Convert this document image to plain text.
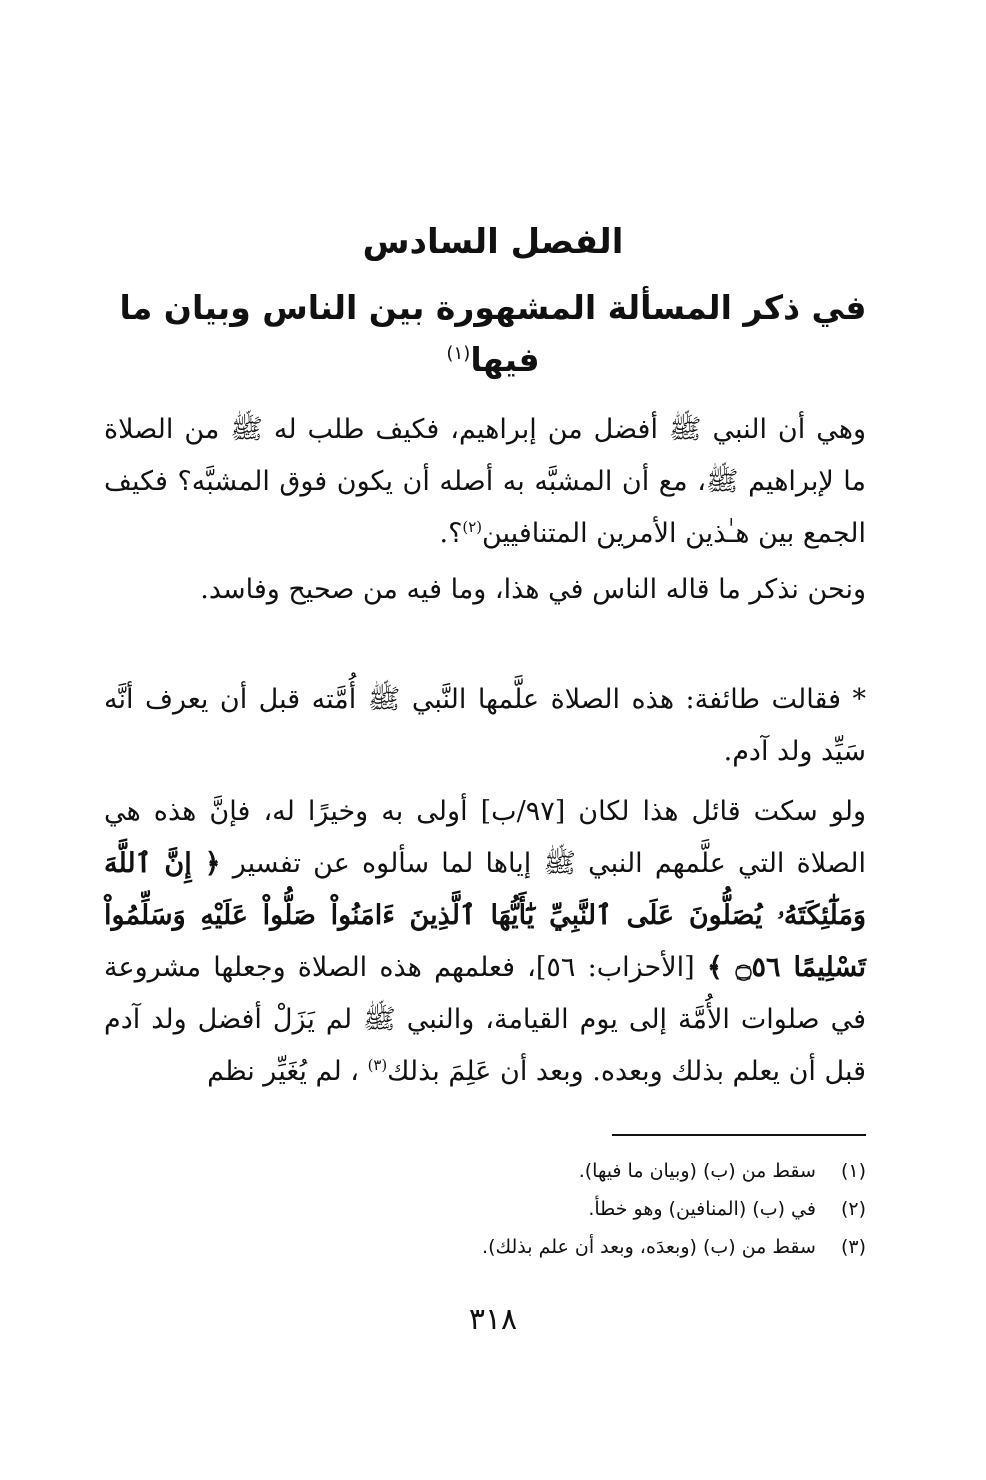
الفصل السادس
في ذكر المسألة المشهورة بين الناس وبيان ما فيها$^{(١)}$

وهي أن النبي ﷺ أفضل من إبراهيم، فكيف طلب له ﷺ من الصلاة ما لإبراهيم ﷺ، مع أن المشبَّه به أصله أن يكون فوق المشبَّه؟ فكيف الجمع بين هـٰذين الأمرين المتنافيين$^{(٢)}$؟.

ونحن نذكر ما قاله الناس في هذا، وما فيه من صحيح وفاسد.

* فقالت طائفة: هذه الصلاة علَّمها النَّبي ﷺ أُمَّته قبل أن يعرف أنَّه سَيِّد ولد آدم.

ولو سكت قائل هذا لكان [٩٧/ب] أولى به وخيرًا له، فإنَّ هذه هي الصلاة التي علَّمهم النبي ﷺ إياها لما سألوه عن تفسير ﴿ إِنَّ ٱللَّهَ وَمَلَٰٓئِكَتَهُۥ يُصَلُّونَ عَلَى ٱلنَّبِيِّ يَٰٓأَيُّهَا ٱلَّذِينَ ءَامَنُواْ صَلُّواْ عَلَيْهِ وَسَلِّمُواْ تَسْلِيمًا ۝٥٦ ﴾ [الأحزاب: ٥٦]، فعلمهم هذه الصلاة وجعلها مشروعة في صلوات الأُمَّة إلى يوم القيامة، والنبي ﷺ لم يَزَلْ أفضل ولد آدم قبل أن يعلم بذلك وبعده. وبعد أن عَلِمَ بذلك$^{(٣)}$ ، لم يُغَيِّر نظم

(١) سقط من (ب) (وبيان ما فيها).
(٢) في (ب) (المنافين) وهو خطأ.
(٣) سقط من (ب) (وبعدَه، وبعد أن علم بذلك).
٣١٨
